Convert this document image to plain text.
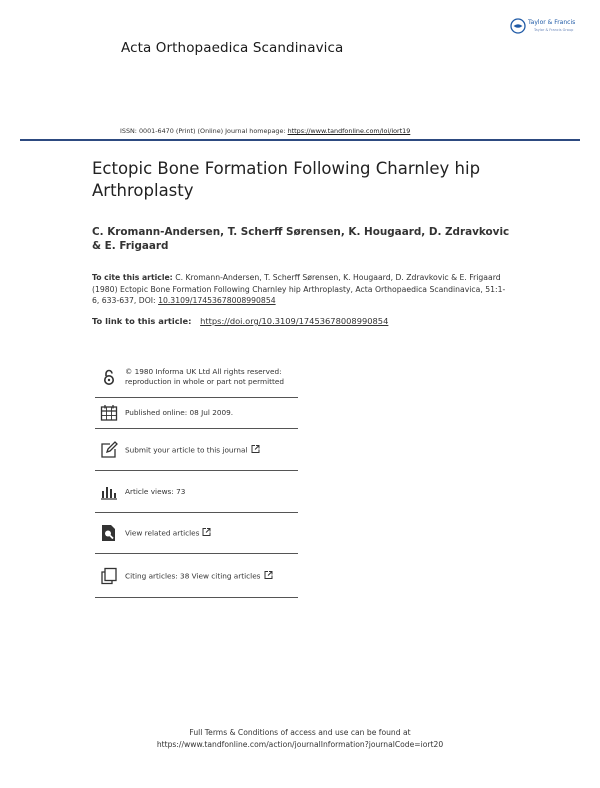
Acta Orthopaedica Scandinavica
Taylor & Francis
Taylor & Francis Group
ISSN: 0001-6470 (Print) (Online) Journal homepage: https://www.tandfonline.com/loi/iort19
Ectopic Bone Formation Following Charnley hip Arthroplasty
C. Kromann-Andersen, T. Scherff Sørensen, K. Hougaard, D. Zdravkovic & E. Frigaard
To cite this article: C. Kromann-Andersen, T. Scherff Sørensen, K. Hougaard, D. Zdravkovic & E. Frigaard (1980) Ectopic Bone Formation Following Charnley hip Arthroplasty, Acta Orthopaedica Scandinavica, 51:1-6, 633-637, DOI: 10.3109/17453678008990854
To link to this article: https://doi.org/10.3109/17453678008990854
© 1980 Informa UK Ltd All rights reserved: reproduction in whole or part not permitted
Published online: 08 Jul 2009.
Submit your article to this journal
Article views: 73
View related articles
Citing articles: 38 View citing articles
Full Terms & Conditions of access and use can be found at
https://www.tandfonline.com/action/journalInformation?journalCode=iort20
